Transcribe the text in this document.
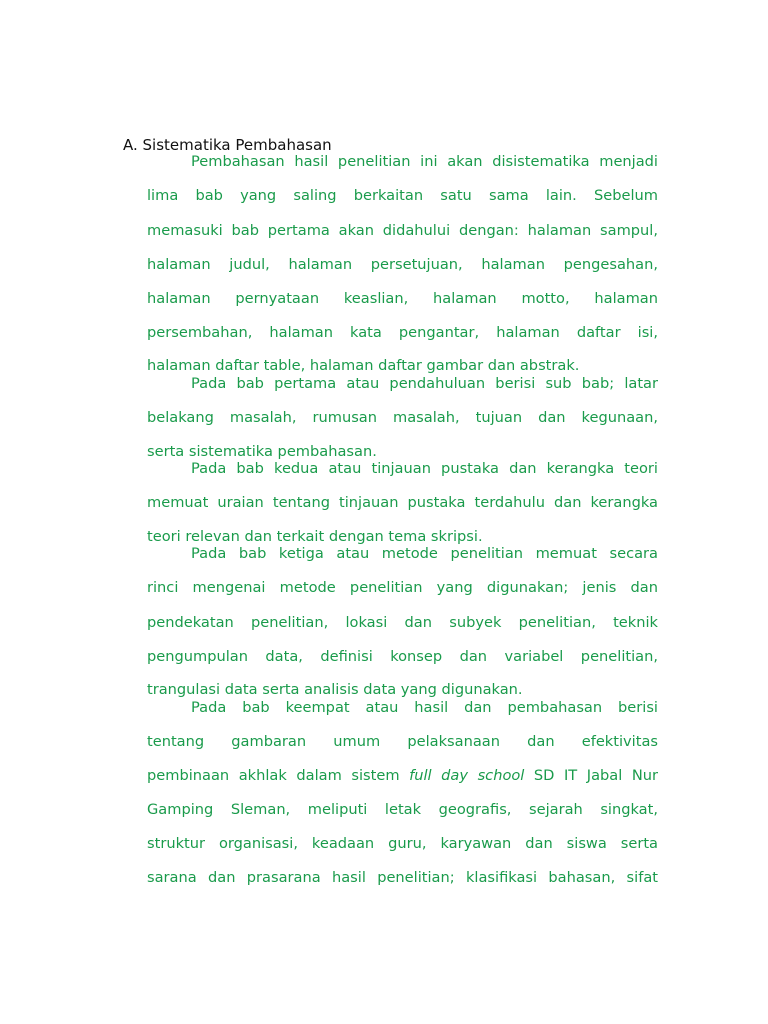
A. Sistematika Pembahasan
Pembahasan hasil penelitian ini akan disistematika menjadi
lima bab yang saling berkaitan satu sama lain. Sebelum
memasuki bab pertama akan didahului dengan: halaman sampul,
halaman judul, halaman persetujuan, halaman pengesahan,
halaman pernyataan keaslian, halaman motto, halaman
persembahan, halaman kata pengantar, halaman daftar isi,
halaman daftar table, halaman daftar gambar dan abstrak.
Pada bab pertama atau pendahuluan berisi sub bab; latar
belakang masalah, rumusan masalah, tujuan dan kegunaan,
serta sistematika pembahasan.
Pada bab kedua atau tinjauan pustaka dan kerangka teori
memuat uraian tentang tinjauan pustaka terdahulu dan kerangka
teori relevan dan terkait dengan tema skripsi.
Pada bab ketiga atau metode penelitian memuat secara
rinci mengenai metode penelitian yang digunakan; jenis dan
pendekatan penelitian, lokasi dan subyek penelitian, teknik
pengumpulan data, definisi konsep dan variabel penelitian,
trangulasi data serta analisis data yang digunakan.
Pada bab keempat atau hasil dan pembahasan berisi
tentang gambaran umum pelaksanaan dan efektivitas
pembinaan akhlak dalam sistem full day school SD IT Jabal Nur
Gamping Sleman, meliputi letak geografis, sejarah singkat,
struktur organisasi, keadaan guru, karyawan dan siswa serta
sarana dan prasarana hasil penelitian; klasifikasi bahasan, sifat
